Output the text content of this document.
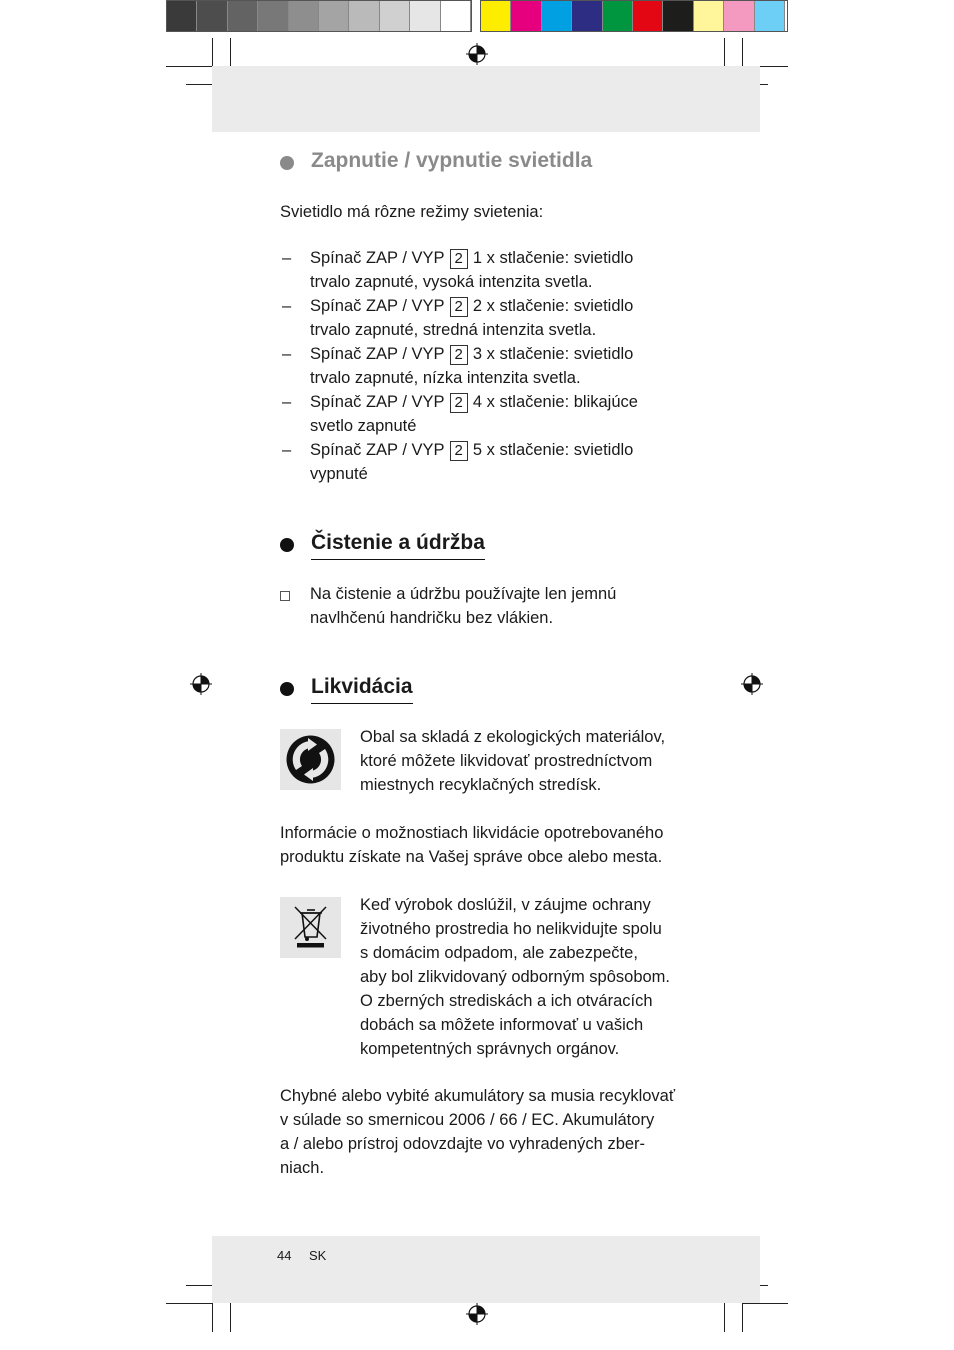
Zapnutie / vypnutie svietidla
Svietidlo má rôzne režimy svietenia:
– Spínač ZAP / VYP 2 1 x stlačenie: svietidlo
trvalo zapnuté, vysoká intenzita svetla.
– Spínač ZAP / VYP 2 2 x stlačenie: svietidlo
trvalo zapnuté, stredná intenzita svetla.
– Spínač ZAP / VYP 2 3 x stlačenie: svietidlo
trvalo zapnuté, nízka intenzita svetla.
– Spínač ZAP / VYP 2 4 x stlačenie: blikajúce
svetlo zapnuté
– Spínač ZAP / VYP 2 5 x stlačenie: svietidlo
vypnuté
Čistenie a údržba
Na čistenie a údržbu používajte len jemnú
navlhčenú handričku bez vlákien.
Likvidácia
Obal sa skladá z ekologických materiálov,
ktoré môžete likvidovať prostredníctvom
miestnych recyklačných stredísk.
Informácie o možnostiach likvidácie opotrebovaného
produktu získate na Vašej správe obce alebo mesta.
Keď výrobok doslúžil, v záujme ochrany
životného prostredia ho nelikvidujte spolu
s domácim odpadom, ale zabezpečte,
aby bol zlikvidovaný odborným spôsobom.
O zberných strediskách a ich otváracích
dobách sa môžete informovať u vašich
kompetentných správnych orgánov.
Chybné alebo vybité akumulátory sa musia recyklovať
v súlade so smernicou 2006 / 66 / EC. Akumulátory
a / alebo prístroj odovzdajte vo vyhradených zber-
niach.
44 SK
